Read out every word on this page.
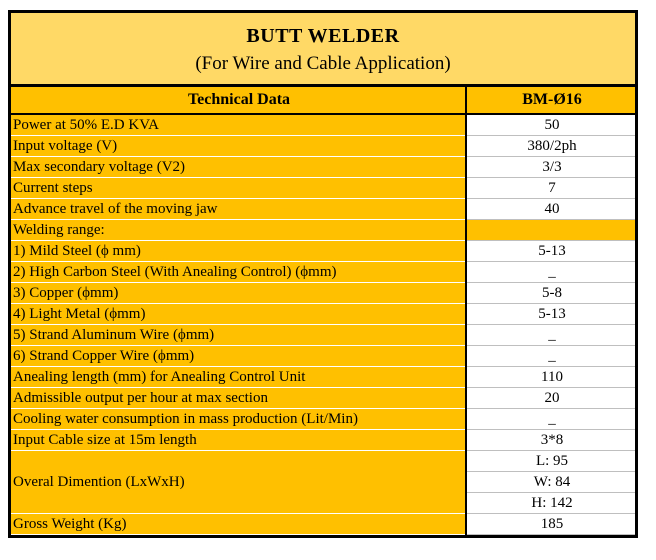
BUTT WELDER
(For Wire and Cable Application)
Technical Data	BM-Ø16
Power at 50% E.D KVA	50
Input voltage (V)	380/2ph
Max secondary voltage (V2)	3/3
Current steps	7
Advance travel of the moving jaw	40
Welding range:	
1) Mild Steel (ϕ mm)	5-13
2) High Carbon Steel (With Anealing Control) (ϕmm)	_
3) Copper (ϕmm)	5-8
4) Light Metal (ϕmm)	5-13
5) Strand Aluminum Wire (ϕmm)	_
6) Strand Copper Wire (ϕmm)	_
Anealing length (mm) for Anealing Control Unit	110
Admissible output per hour at max section	20
Cooling water consumption in mass production (Lit/Min)	_
Input Cable size at 15m length	3*8
Overal Dimention (LxWxH)	L: 95
	W: 84
	H: 142
Gross Weight (Kg)	185
